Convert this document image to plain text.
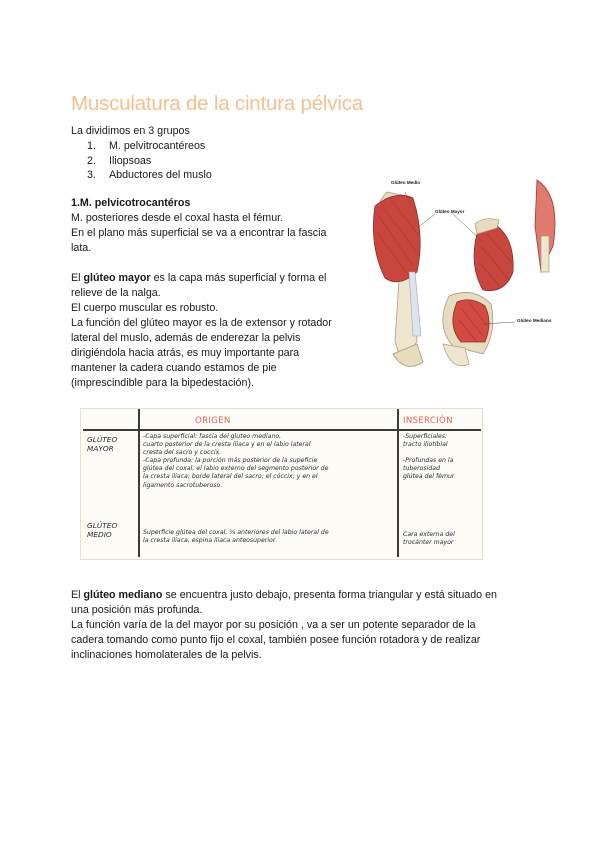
Musculatura de la cintura pélvica
La dividimos en 3 grupos
1. M. pelvitrocantéreos
2. Iliopsoas
3. Abductores del muslo
1.M. pelvicotrocantéros
M. posteriores desde el coxal hasta el fémur.
En el plano más superficial se va a encontrar la fascia
lata.
El glúteo mayor es la capa más superficial y forma el
relieve de la nalga.
El cuerpo muscular es robusto.
La función del glúteo mayor es la de extensor y rotador
lateral del muslo, además de enderezar la pelvis
dirigiéndola hacia atrás, es muy importante para
mantener la cadera cuando estamos de pie
(imprescindible para la bipedestación).
Glúteo Medio
Glúteo Mayor
Glúteo Mediano
ORIGEN	INSERCIÓN
GLÚTEO
MAYOR
GLÚTEO
MEDIO
-Capa superficial: fascia del gluteo mediano,
cuarto posterior de la cresta iliaca y en el labio lateral
cresta del sacro y coccix.
-Capa profunda: la porción más posterior de la supeficie
glútea del coxal, el labio externo del segmento posterior de
la cresta iliaca; borde lateral del sacro; el cóccix; y en el
ligamento sacrotuberoso.
-Superficiales:
tracto iliotibial
-Profundas en la
tuberosidad
glútea del fémur
Superficie glútea del coxal, ¾ anteriores del labio lateral de
la cresta iliaca, espina iliaca anteosuperior
Cara externa del
trocánter mayor
El glúteo mediano se encuentra justo debajo, presenta forma triangular y está situado en
una posición más profunda.
La función varía de la del mayor por su posición , va a ser un potente separador de la
cadera tomando como punto fijo el coxal, también posee función rotadora y de realizar
inclinaciones homolaterales de la pelvis.
